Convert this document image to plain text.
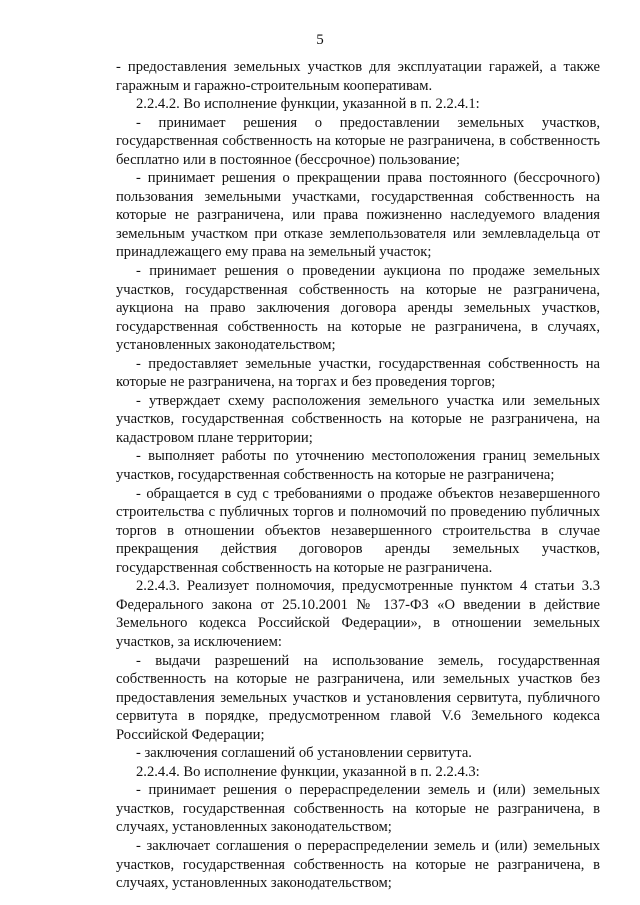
5

- предоставления земельных участков для эксплуатации гаражей, а также гаражным и гаражно-строительным кооперативам.

2.2.4.2. Во исполнение функции, указанной в п. 2.2.4.1:

- принимает решения о предоставлении земельных участков, государственная собственность на которые не разграничена, в собственность бесплатно или в постоянное (бессрочное) пользование;

- принимает решения о прекращении права постоянного (бессрочного) пользования земельными участками, государственная собственность на которые не разграничена, или права пожизненно наследуемого владения земельным участком при отказе землепользователя или землевладельца от принадлежащего ему права на земельный участок;

- принимает решения о проведении аукциона по продаже земельных участков, государственная собственность на которые не разграничена, аукциона на право заключения договора аренды земельных участков, государственная собственность на которые не разграничена, в случаях, установленных законодательством;

- предоставляет земельные участки, государственная собственность на которые не разграничена, на торгах и без проведения торгов;

- утверждает схему расположения земельного участка или земельных участков, государственная собственность на которые не разграничена, на кадастровом плане территории;

- выполняет работы по уточнению местоположения границ земельных участков, государственная собственность на которые не разграничена;

- обращается в суд с требованиями о продаже объектов незавершенного строительства с публичных торгов и полномочий по проведению публичных торгов в отношении объектов незавершенного строительства в случае прекращения действия договоров аренды земельных участков, государственная собственность на которые не разграничена.

2.2.4.3. Реализует полномочия, предусмотренные пунктом 4 статьи 3.3 Федерального закона от 25.10.2001 № 137-ФЗ «О введении в действие Земельного кодекса Российской Федерации», в отношении земельных участков, за исключением:

- выдачи разрешений на использование земель, государственная собственность на которые не разграничена, или земельных участков без предоставления земельных участков и установления сервитута, публичного сервитута в порядке, предусмотренном главой V.6 Земельного кодекса Российской Федерации;

- заключения соглашений об установлении сервитута.

2.2.4.4. Во исполнение функции, указанной в п. 2.2.4.3:

- принимает решения о перераспределении земель и (или) земельных участков, государственная собственность на которые не разграничена, в случаях, установленных законодательством;

- заключает соглашения о перераспределении земель и (или) земельных участков, государственная собственность на которые не разграничена, в случаях, установленных законодательством;
